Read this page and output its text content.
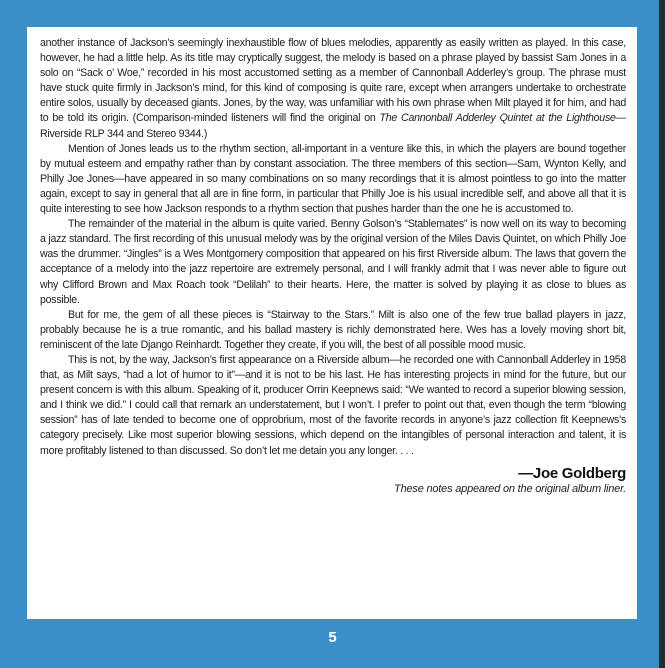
another instance of Jackson’s seemingly inexhaustible flow of blues melodies, apparently as easily written as played. In this case, however, he had a little help. As its title may cryptically suggest, the melody is based on a phrase played by bassist Sam Jones in a solo on “Sack o’ Woe,” recorded in his most accustomed setting as a member of Cannonball Adderley’s group. The phrase must have stuck quite firmly in Jackson’s mind, for this kind of composing is quite rare, except when arrangers undertake to orchestrate entire solos, usually by deceased giants. Jones, by the way, was unfamiliar with his own phrase when Milt played it for him, and had to be told its origin. (Comparison-minded listeners will find the original on The Cannonball Adderley Quintet at the Lighthouse—Riverside RLP 344 and Stereo 9344.)

Mention of Jones leads us to the rhythm section, all-important in a venture like this, in which the players are bound together by mutual esteem and empathy rather than by constant association. The three members of this section—Sam, Wynton Kelly, and Philly Joe Jones—have appeared in so many combinations on so many recordings that it is almost pointless to go into the matter again, except to say in general that all are in fine form, in particular that Philly Joe is his usual incredible self, and above all that it is quite interesting to see how Jackson responds to a rhythm section that pushes harder than the one he is accustomed to.

The remainder of the material in the album is quite varied. Benny Golson’s “Stablemates” is now well on its way to becoming a jazz standard. The first recording of this unusual melody was by the original version of the Miles Davis Quintet, on which Philly Joe was the drummer. “Jingles” is a Wes Montgomery composition that appeared on his first Riverside album. The laws that govern the acceptance of a melody into the jazz repertoire are extremely personal, and I will frankly admit that I was never able to figure out why Clifford Brown and Max Roach took “Delilah” to their hearts. Here, the matter is solved by playing it as close to blues as possible.

But for me, the gem of all these pieces is “Stairway to the Stars.” Milt is also one of the few true ballad players in jazz, probably because he is a true romantic, and his ballad mastery is richly demonstrated here. Wes has a lovely moving short bit, reminiscent of the late Django Reinhardt. Together they create, if you will, the best of all possible mood music.

This is not, by the way, Jackson’s first appearance on a Riverside album—he recorded one with Cannonball Adderley in 1958 that, as Milt says, “had a lot of humor to it”—and it is not to be his last. He has interesting projects in mind for the future, but our present concern is with this album. Speaking of it, producer Orrin Keepnews said: “We wanted to record a superior blowing session, and I think we did.” I could call that remark an understatement, but I won’t. I prefer to point out that, even though the term “blowing session” has of late tended to become one of opprobrium, most of the favorite records in anyone’s jazz collection fit Keepnews’s category precisely. Like most superior blowing sessions, which depend on the intangibles of personal interaction and talent, it is more profitably listened to than discussed. So don’t let me detain you any longer. . . .

—Joe Goldberg
These notes appeared on the original album liner.
5
